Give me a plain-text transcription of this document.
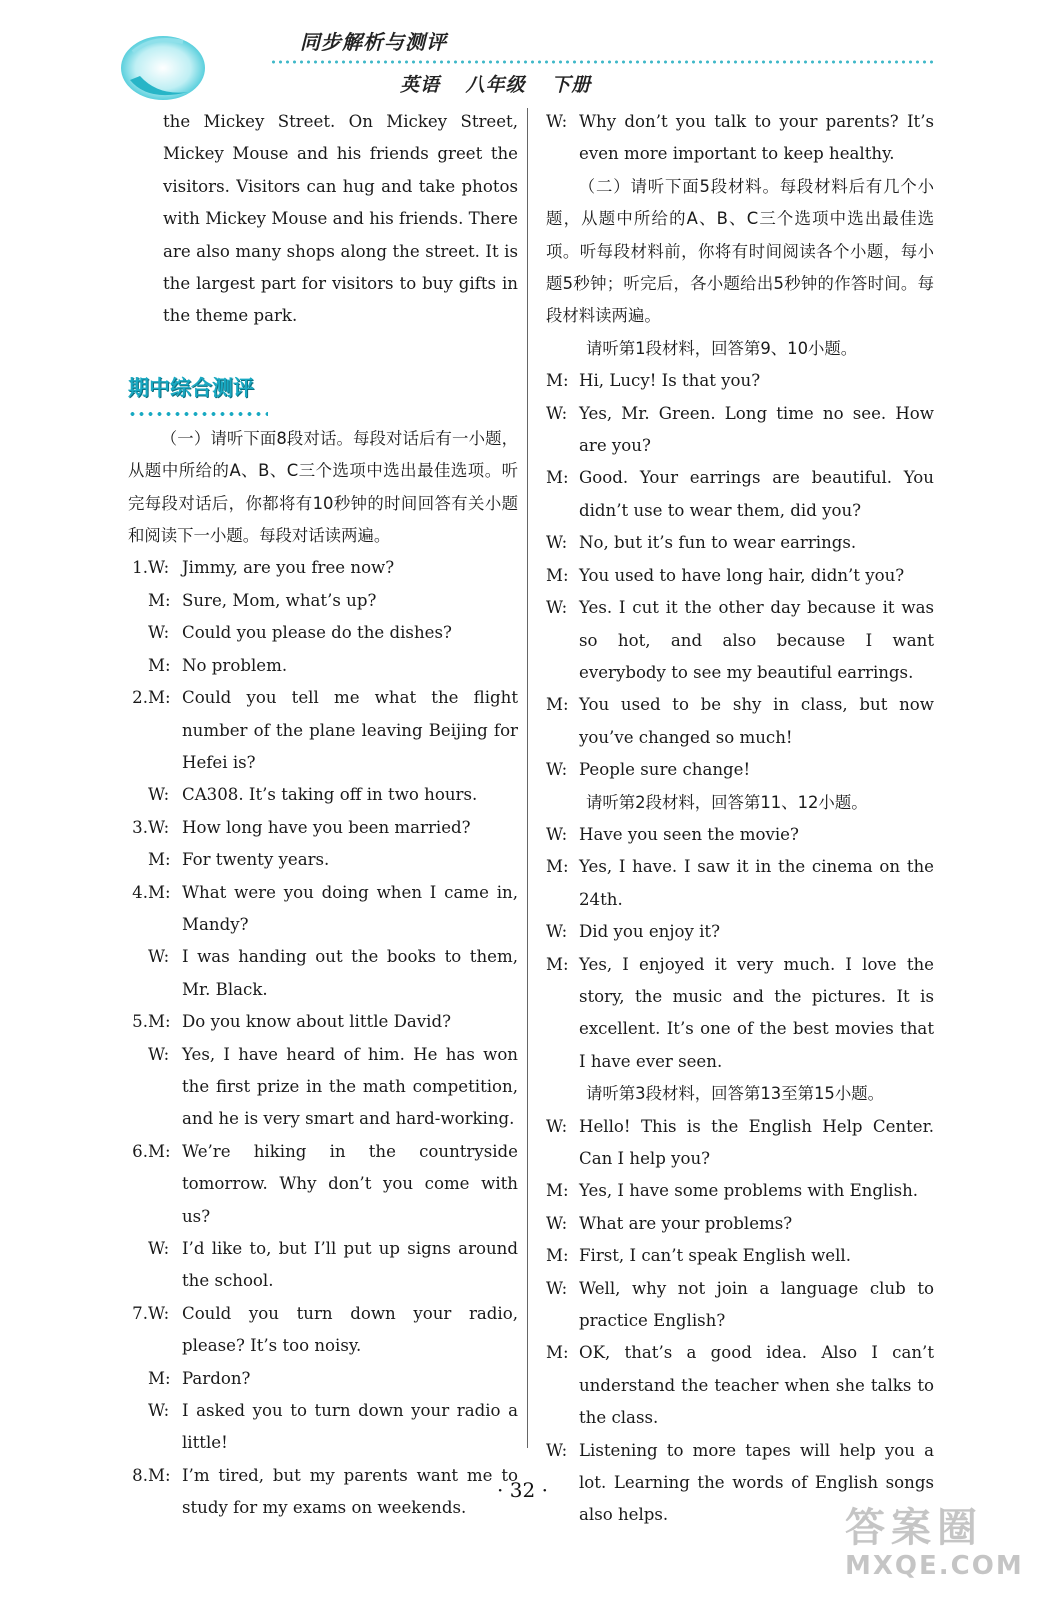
同步解析与测评
英语 八年级 下册

the Mickey Street. On Mickey Street, Mickey Mouse and his friends greet the visitors. Visitors can hug and take photos with Mickey Mouse and his friends. There are also many shops along the street. It is the largest part for visitors to buy gifts in the theme park.

期中综合测评

（一）请听下面8段对话。每段对话后有一小题，从题中所给的A、B、C三个选项中选出最佳选项。听完每段对话后，你都将有10秒钟的时间回答有关小题和阅读下一小题。每段对话读两遍。

1. W: Jimmy, are you free now?
M: Sure, Mom, what’s up?
W: Could you please do the dishes?
M: No problem.
2. M: Could you tell me what the flight number of the plane leaving Beijing for Hefei is?
W: CA308. It’s taking off in two hours.
3. W: How long have you been married?
M: For twenty years.
4. M: What were you doing when I came in, Mandy?
W: I was handing out the books to them, Mr. Black.
5. M: Do you know about little David?
W: Yes, I have heard of him. He has won the first prize in the math competition, and he is very smart and hard-working.
6. M: We’re hiking in the countryside tomorrow. Why don’t you come with us?
W: I’d like to, but I’ll put up signs around the school.
7. W: Could you turn down your radio, please? It’s too noisy.
M: Pardon?
W: I asked you to turn down your radio a little!
8. M: I’m tired, but my parents want me to study for my exams on weekends.
W: Why don’t you talk to your parents? It’s even more important to keep healthy.

（二）请听下面5段材料。每段材料后有几个小题，从题中所给的A、B、C三个选项中选出最佳选项。听每段材料前，你将有时间阅读各个小题，每小题5秒钟；听完后，各小题给出5秒钟的作答时间。每段材料读两遍。

请听第1段材料，回答第9、10小题。
M: Hi, Lucy! Is that you?
W: Yes, Mr. Green. Long time no see. How are you?
M: Good. Your earrings are beautiful. You didn’t use to wear them, did you?
W: No, but it’s fun to wear earrings.
M: You used to have long hair, didn’t you?
W: Yes. I cut it the other day because it was so hot, and also because I want everybody to see my beautiful earrings.
M: You used to be shy in class, but now you’ve changed so much!
W: People sure change!
请听第2段材料，回答第11、12小题。
W: Have you seen the movie?
M: Yes, I have. I saw it in the cinema on the 24th.
W: Did you enjoy it?
M: Yes, I enjoyed it very much. I love the story, the music and the pictures. It is excellent. It’s one of the best movies that I have ever seen.
请听第3段材料，回答第13至第15小题。
W: Hello! This is the English Help Center. Can I help you?
M: Yes, I have some problems with English.
W: What are your problems?
M: First, I can’t speak English well.
W: Well, why not join a language club to practice English?
M: OK, that’s a good idea. Also I can’t understand the teacher when she talks to the class.
W: Listening to more tapes will help you a lot. Learning the words of English songs also helps.
· 32 ·
答案圈
MXQE.COM
